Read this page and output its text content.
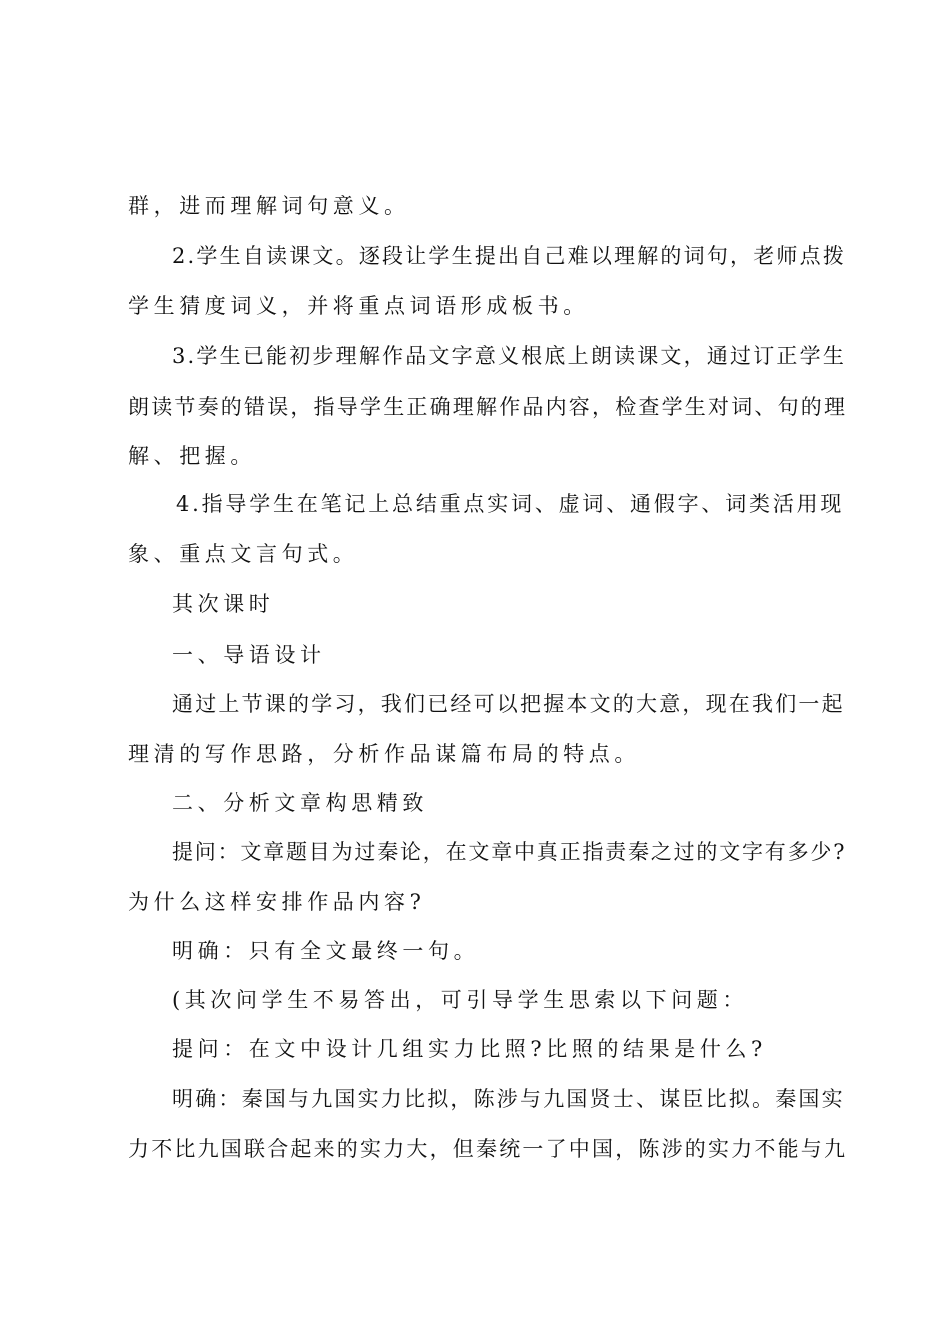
群，进而理解词句意义。
2.学生自读课文。逐段让学生提出自己难以理解的词句，老师点拨
学生猜度词义，并将重点词语形成板书。
3.学生已能初步理解作品文字意义根底上朗读课文，通过订正学生
朗读节奏的错误，指导学生正确理解作品内容，检查学生对词、句的理
解、把握。
4.指导学生在笔记上总结重点实词、虚词、通假字、词类活用现
象、重点文言句式。
其次课时
一、导语设计
通过上节课的学习，我们已经可以把握本文的大意，现在我们一起
理清的写作思路，分析作品谋篇布局的特点。
二、分析文章构思精致
提问：文章题目为过秦论，在文章中真正指责秦之过的文字有多少?
为什么这样安排作品内容?
明确：只有全文最终一句。
(其次问学生不易答出，可引导学生思索以下问题：
提问：在文中设计几组实力比照?比照的结果是什么?
明确：秦国与九国实力比拟，陈涉与九国贤士、谋臣比拟。秦国实
力不比九国联合起来的实力大，但秦统一了中国，陈涉的实力不能与九
